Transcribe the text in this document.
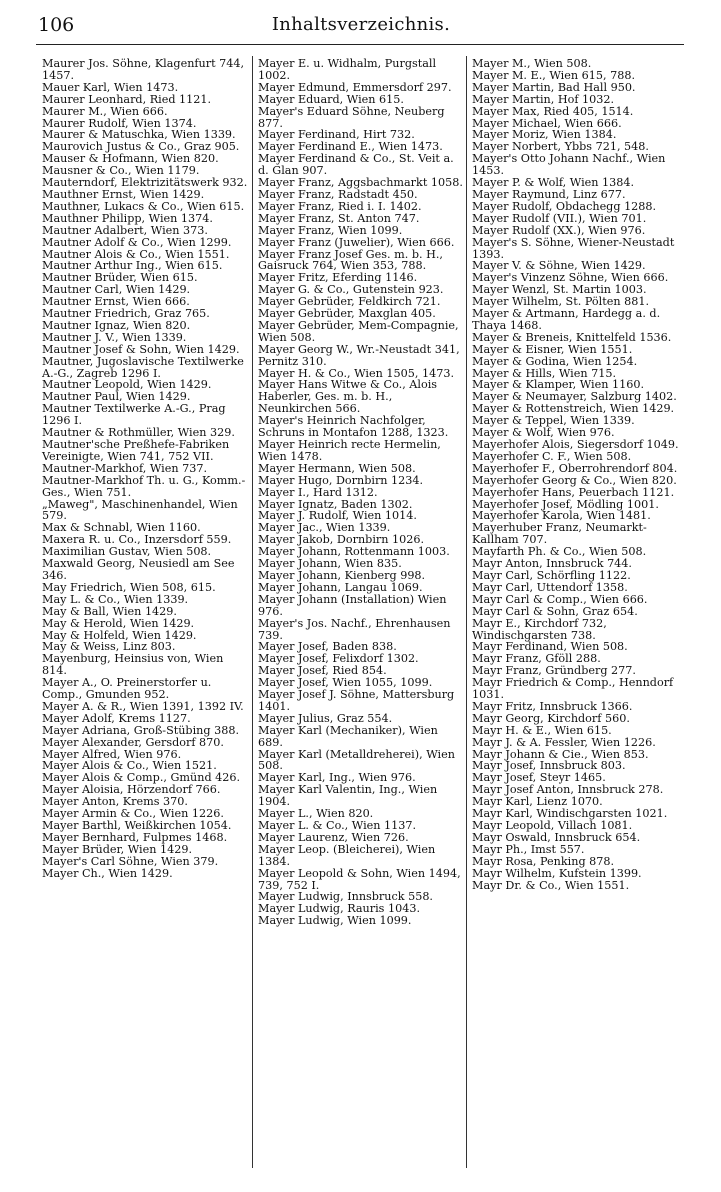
106	Inhaltsverzeichnis.
Maurer Jos. Söhne, Klagenfurt 744, 1457.
Mauer Karl, Wien 1473.
Maurer Leonhard, Ried 1121.
Maurer M., Wien 666.
Maurer Rudolf, Wien 1374.
Maurer & Matuschka, Wien 1339.
Maurovich Justus & Co., Graz 905.
Mauser & Hofmann, Wien 820.
Mausner & Co., Wien 1179.
Mauterndorf, Elektrizitätswerk 932.
Mauthner Ernst, Wien 1429.
Mauthner, Lukacs & Co., Wien 615.
Mauthner Philipp, Wien 1374.
Mautner Adalbert, Wien 373.
Mautner Adolf & Co., Wien 1299.
Mautner Alois & Co., Wien 1551.
Mautner Arthur Ing., Wien 615.
Mautner Brüder, Wien 615.
Mautner Carl, Wien 1429.
Mautner Ernst, Wien 666.
Mautner Friedrich, Graz 765.
Mautner Ignaz, Wien 820.
Mautner J. V., Wien 1339.
Mautner Josef & Sohn, Wien 1429.
Mautner, Jugoslavische Textilwerke A.-G., Zagreb 1296 I.
Mautner Leopold, Wien 1429.
Mautner Paul, Wien 1429.
Mautner Textilwerke A.-G., Prag 1296 I.
Mautner & Rothmüller, Wien 329.
Mautner'sche Preßhefe-Fabriken Vereinigte, Wien 741, 752 VII.
Mautner-Markhof, Wien 737.
Mautner-Markhof Th. u. G., Komm.-Ges., Wien 751.
„Maweg", Maschinenhandel, Wien 579.
Max & Schnabl, Wien 1160.
Maxera R. u. Co., Inzersdorf 559.
Maximilian Gustav, Wien 508.
Maxwald Georg, Neusiedl am See 346.
May Friedrich, Wien 508, 615.
May L. & Co., Wien 1339.
May & Ball, Wien 1429.
May & Herold, Wien 1429.
May & Holfeld, Wien 1429.
May & Weiss, Linz 803.
Mayenburg, Heinsius von, Wien 814.
Mayer A., O. Preinerstorfer u. Comp., Gmunden 952.
Mayer A. & R., Wien 1391, 1392 IV.
Mayer Adolf, Krems 1127.
Mayer Adriana, Groß-Stübing 388.
Mayer Alexander, Gersdorf 870.
Mayer Alfred, Wien 976.
Mayer Alois & Co., Wien 1521.
Mayer Alois & Comp., Gmünd 426.
Mayer Aloisia, Hörzendorf 766.
Mayer Anton, Krems 370.
Mayer Armin & Co., Wien 1226.
Mayer Barthl, Weißkirchen 1054.
Mayer Bernhard, Fulpmes 1468.
Mayer Brüder, Wien 1429.
Mayer's Carl Söhne, Wien 379.
Mayer Ch., Wien 1429.
Mayer E. u. Widhalm, Purgstall 1002.
Mayer Edmund, Emmersdorf 297.
Mayer Eduard, Wien 615.
Mayer's Eduard Söhne, Neuberg 877.
Mayer Ferdinand, Hirt 732.
Mayer Ferdinand E., Wien 1473.
Mayer Ferdinand & Co., St. Veit a. d. Glan 907.
Mayer Franz, Aggsbachmarkt 1058.
Mayer Franz, Radstadt 450.
Mayer Franz, Ried i. I. 1402.
Mayer Franz, St. Anton 747.
Mayer Franz, Wien 1099.
Mayer Franz (Juwelier), Wien 666.
Mayer Franz Josef Ges. m. b. H., Gaisruck 764, Wien 353, 788.
Mayer Fritz, Eferding 1146.
Mayer G. & Co., Gutenstein 923.
Mayer Gebrüder, Feldkirch 721.
Mayer Gebrüder, Maxglan 405.
Mayer Gebrüder, Mem-Compagnie, Wien 508.
Mayer Georg W., Wr.-Neustadt 341, Pernitz 310.
Mayer H. & Co., Wien 1505, 1473.
Mayer Hans Witwe & Co., Alois Haberler, Ges. m. b. H., Neunkirchen 566.
Mayer's Heinrich Nachfolger, Schruns in Montafon 1288, 1323.
Mayer Heinrich recte Hermelin, Wien 1478.
Mayer Hermann, Wien 508.
Mayer Hugo, Dornbirn 1234.
Mayer I., Hard 1312.
Mayer Ignatz, Baden 1302.
Mayer J. Rudolf, Wien 1014.
Mayer Jac., Wien 1339.
Mayer Jakob, Dornbirn 1026.
Mayer Johann, Rottenmann 1003.
Mayer Johann, Wien 835.
Mayer Johann, Kienberg 998.
Mayer Johann, Langau 1069.
Mayer Johann (Installation) Wien 976.
Mayer's Jos. Nachf., Ehrenhausen 739.
Mayer Josef, Baden 838.
Mayer Josef, Felixdorf 1302.
Mayer Josef, Ried 854.
Mayer Josef, Wien 1055, 1099.
Mayer Josef J. Söhne, Mattersburg 1401.
Mayer Julius, Graz 554.
Mayer Karl (Mechaniker), Wien 689.
Mayer Karl (Metalldreherei), Wien 508.
Mayer Karl, Ing., Wien 976.
Mayer Karl Valentin, Ing., Wien 1904.
Mayer L., Wien 820.
Mayer L. & Co., Wien 1137.
Mayer Laurenz, Wien 726.
Mayer Leop. (Bleicherei), Wien 1384.
Mayer Leopold & Sohn, Wien 1494, 739, 752 I.
Mayer Ludwig, Innsbruck 558.
Mayer Ludwig, Rauris 1043.
Mayer Ludwig, Wien 1099.
Mayer M., Wien 508.
Mayer M. E., Wien 615, 788.
Mayer Martin, Bad Hall 950.
Mayer Martin, Hof 1032.
Mayer Max, Ried 405, 1514.
Mayer Michael, Wien 666.
Mayer Moriz, Wien 1384.
Mayer Norbert, Ybbs 721, 548.
Mayer's Otto Johann Nachf., Wien 1453.
Mayer P. & Wolf, Wien 1384.
Mayer Raymund, Linz 677.
Mayer Rudolf, Obdachegg 1288.
Mayer Rudolf (VII.), Wien 701.
Mayer Rudolf (XX.), Wien 976.
Mayer's S. Söhne, Wiener-Neustadt 1393.
Mayer V. & Söhne, Wien 1429.
Mayer's Vinzenz Söhne, Wien 666.
Mayer Wenzl, St. Martin 1003.
Mayer Wilhelm, St. Pölten 881.
Mayer & Artmann, Hardegg a. d. Thaya 1468.
Mayer & Breneis, Knittelfeld 1536.
Mayer & Eisner, Wien 1551.
Mayer & Godina, Wien 1254.
Mayer & Hills, Wien 715.
Mayer & Klamper, Wien 1160.
Mayer & Neumayer, Salzburg 1402.
Mayer & Rottenstreich, Wien 1429.
Mayer & Teppel, Wien 1339.
Mayer & Wolf, Wien 976.
Mayerhofer Alois, Siegersdorf 1049.
Mayerhofer C. F., Wien 508.
Mayerhofer F., Oberrohrendorf 804.
Mayerhofer Georg & Co., Wien 820.
Mayerhofer Hans, Peuerbach 1121.
Mayerhofer Josef, Mödling 1001.
Mayerhofer Karola, Wien 1481.
Mayerhuber Franz, Neumarkt-Kallham 707.
Mayfarth Ph. & Co., Wien 508.
Mayr Anton, Innsbruck 744.
Mayr Carl, Schörfling 1122.
Mayr Carl, Uttendorf 1358.
Mayr Carl & Comp., Wien 666.
Mayr Carl & Sohn, Graz 654.
Mayr E., Kirchdorf 732, Windischgarsten 738.
Mayr Ferdinand, Wien 508.
Mayr Franz, Gföll 288.
Mayr Franz, Gründberg 277.
Mayr Friedrich & Comp., Henndorf 1031.
Mayr Fritz, Innsbruck 1366.
Mayr Georg, Kirchdorf 560.
Mayr H. & E., Wien 615.
Mayr J. & A. Fessler, Wien 1226.
Mayr Johann & Cie., Wien 853.
Mayr Josef, Innsbruck 803.
Mayr Josef, Steyr 1465.
Mayr Josef Anton, Innsbruck 278.
Mayr Karl, Lienz 1070.
Mayr Karl, Windischgarsten 1021.
Mayr Leopold, Villach 1081.
Mayr Oswald, Innsbruck 654.
Mayr Ph., Imst 557.
Mayr Rosa, Penking 878.
Mayr Wilhelm, Kufstein 1399.
Mayr Dr. & Co., Wien 1551.
